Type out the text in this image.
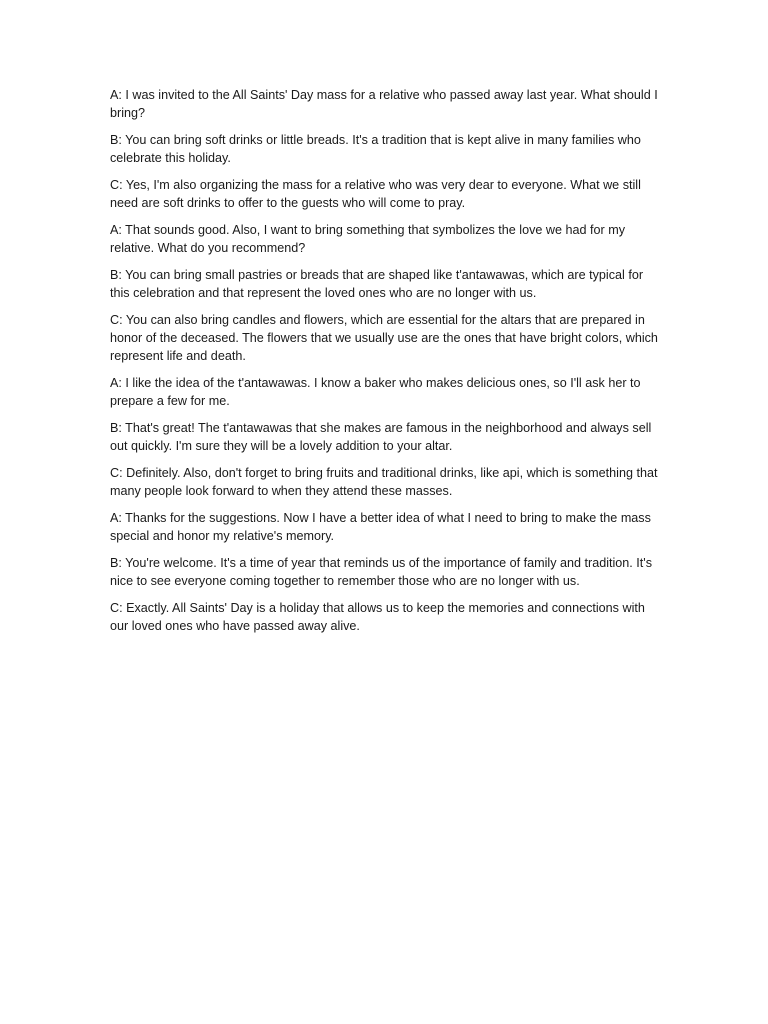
A: I was invited to the All Saints' Day mass for a relative who passed away last year. What should I bring?

B: You can bring soft drinks or little breads. It's a tradition that is kept alive in many families who celebrate this holiday.

C: Yes, I'm also organizing the mass for a relative who was very dear to everyone. What we still need are soft drinks to offer to the guests who will come to pray.

A: That sounds good. Also, I want to bring something that symbolizes the love we had for my relative. What do you recommend?

B: You can bring small pastries or breads that are shaped like t'antawawas, which are typical for this celebration and that represent the loved ones who are no longer with us.

C: You can also bring candles and flowers, which are essential for the altars that are prepared in honor of the deceased. The flowers that we usually use are the ones that have bright colors, which represent life and death.

A: I like the idea of the t'antawawas. I know a baker who makes delicious ones, so I'll ask her to prepare a few for me.

B: That's great! The t'antawawas that she makes are famous in the neighborhood and always sell out quickly. I'm sure they will be a lovely addition to your altar.

C: Definitely. Also, don't forget to bring fruits and traditional drinks, like api, which is something that many people look forward to when they attend these masses.

A: Thanks for the suggestions. Now I have a better idea of what I need to bring to make the mass special and honor my relative's memory.

B: You're welcome. It's a time of year that reminds us of the importance of family and tradition. It's nice to see everyone coming together to remember those who are no longer with us.

C: Exactly. All Saints' Day is a holiday that allows us to keep the memories and connections with our loved ones who have passed away alive.
